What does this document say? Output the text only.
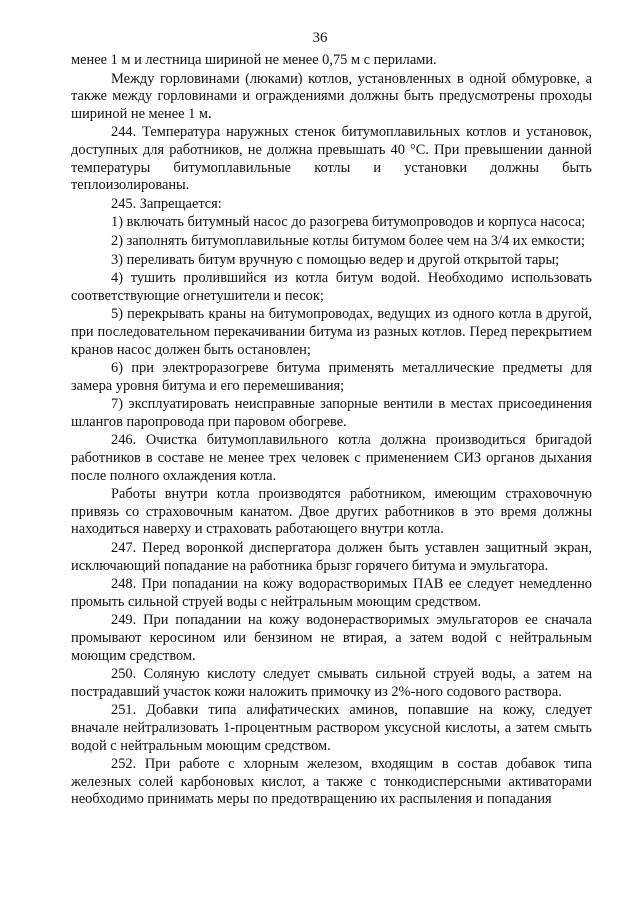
36

менее 1 м и лестница шириной не менее 0,75 м с перилами.

Между горловинами (люками) котлов, установленных в одной обмуровке, а также между горловинами и ограждениями должны быть предусмотрены проходы шириной не менее 1 м.

244. Температура наружных стенок битумоплавильных котлов и установок, доступных для работников, не должна превышать 40 °С. При превышении данной температуры битумоплавильные котлы и установки должны быть теплоизолированы.

245. Запрещается:

1) включать битумный насос до разогрева битумопроводов и корпуса насоса;

2) заполнять битумоплавильные котлы битумом более чем на 3/4 их емкости;

3) переливать битум вручную с помощью ведер и другой открытой тары;

4) тушить пролившийся из котла битум водой. Необходимо использовать соответствующие огнетушители и песок;

5) перекрывать краны на битумопроводах, ведущих из одного котла в другой, при последовательном перекачивании битума из разных котлов. Перед перекрытием кранов насос должен быть остановлен;

6) при электроразогреве битума применять металлические предметы для замера уровня битума и его перемешивания;

7) эксплуатировать неисправные запорные вентили в местах присоединения шлангов паропровода при паровом обогреве.

246. Очистка битумоплавильного котла должна производиться бригадой работников в составе не менее трех человек с применением СИЗ органов дыхания после полного охлаждения котла.

Работы внутри котла производятся работником, имеющим страховочную привязь со страховочным канатом. Двое других работников в это время должны находиться наверху и страховать работающего внутри котла.

247. Перед воронкой диспергатора должен быть уставлен защитный экран, исключающий попадание на работника брызг горячего битума и эмульгатора.

248. При попадании на кожу водорастворимых ПАВ ее следует немедленно промыть сильной струей воды с нейтральным моющим средством.

249. При попадании на кожу водонерастворимых эмульгаторов ее сначала промывают керосином или бензином не втирая, а затем водой с нейтральным моющим средством.

250. Соляную кислоту следует смывать сильной струей воды, а затем на пострадавший участок кожи наложить примочку из 2%-ного содового раствора.

251. Добавки типа алифатических аминов, попавшие на кожу, следует вначале нейтрализовать 1-процентным раствором уксусной кислоты, а затем смыть водой с нейтральным моющим средством.

252. При работе с хлорным железом, входящим в состав добавок типа железных солей карбоновых кислот, а также с тонкодисперсными активаторами необходимо принимать меры по предотвращению их распыления и попадания
